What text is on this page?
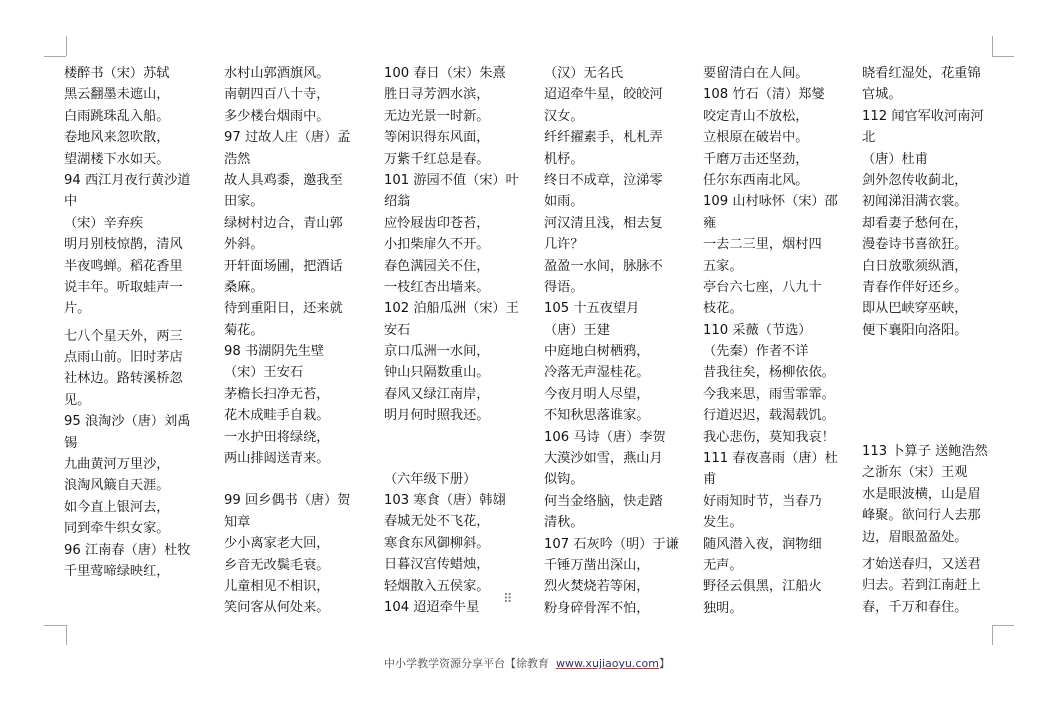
楼醉书（宋）苏轼
黑云翻墨未遮山，
白雨跳珠乱入船。
卷地风来忽吹散，
望湖楼下水如天。
94 西江月夜行黄沙道
中
（宋）辛弃疾
明月别枝惊鹊，清风
半夜鸣蝉。稻花香里
说丰年。听取蛙声一
片。
七八个星天外，两三
点雨山前。旧时茅店
社林边。路转溪桥忽
见。
95 浪淘沙（唐）刘禹
锡
九曲黄河万里沙，
浪淘风簸自天涯。
如今直上银河去，
同到牵牛织女家。
96 江南春（唐）杜牧
千里莺啼绿映红，
水村山郭酒旗风。
南朝四百八十寺，
多少楼台烟雨中。
97 过故人庄（唐）孟
浩然
故人具鸡黍，邀我至
田家。
绿树村边合，青山郭
外斜。
开轩面场圃，把酒话
桑麻。
待到重阳日，还来就
菊花。
98 书湖阴先生壁
（宋）王安石
茅檐长扫净无苔，
花木成畦手自栽。
一水护田将绿绕，
两山排闼送青来。
99 回乡偶书（唐）贺
知章
少小离家老大回，
乡音无改鬓毛衰。
儿童相见不相识，
笑问客从何处来。
100 春日（宋）朱熹
胜日寻芳泗水滨，
无边光景一时新。
等闲识得东风面，
万紫千红总是春。
101 游园不值（宋）叶
绍翁
应怜屐齿印苍苔，
小扣柴扉久不开。
春色满园关不住，
一枝红杏出墙来。
102 泊船瓜洲（宋）王
安石
京口瓜洲一水间，
钟山只隔数重山。
春风又绿江南岸，
明月何时照我还。
（六年级下册）
103 寒食（唐）韩翃
春城无处不飞花，
寒食东风御柳斜。
日暮汉宫传蜡烛，
轻烟散入五侯家。
104 迢迢牵牛星
（汉）无名氏
迢迢牵牛星，皎皎河
汉女。
纤纤擢素手，札札弄
机杼。
终日不成章，泣涕零
如雨。
河汉清且浅，相去复
几许？
盈盈一水间，脉脉不
得语。
105 十五夜望月
（唐）王建
中庭地白树栖鸦，
冷落无声湿桂花。
今夜月明人尽望，
不知秋思落谁家。
106 马诗（唐）李贺
大漠沙如雪，燕山月
似钩。
何当金络脑，快走踏
清秋。
107 石灰吟（明）于谦
千锤万凿出深山，
烈火焚烧若等闲，
粉身碎骨浑不怕，
要留清白在人间。
108 竹石（清）郑燮
咬定青山不放松，
立根原在破岩中。
千磨万击还坚劲，
任尔东西南北风。
109 山村咏怀（宋）邵
雍
一去二三里，烟村四
五家。
亭台六七座，八九十
枝花。
110 采薇（节选）
（先秦）作者不详
昔我往矣，杨柳依依。
今我来思，雨雪霏霏。
行道迟迟，载渴载饥。
我心悲伤，莫知我哀！
111 春夜喜雨（唐）杜
甫
好雨知时节，当春乃
发生。
随风潜入夜，润物细
无声。
野径云俱黑，江船火
独明。
晓看红湿处，花重锦
官城。
112 闻官军收河南河
北
（唐）杜甫
剑外忽传收蓟北，
初闻涕泪满衣裳。
却看妻子愁何在，
漫卷诗书喜欲狂。
白日放歌须纵酒，
青春作伴好还乡。
即从巴峡穿巫峡，
便下襄阳向洛阳。
113 卜算子 送鲍浩然
之浙东（宋）王观
水是眼波横，山是眉
峰聚。欲问行人去那
边，眉眼盈盈处。
才始送春归，又送君
归去。若到江南赶上
春，千万和春住。
⠿
中小学教学资源分享平台【徐教育 www.xujiaoyu.com】
